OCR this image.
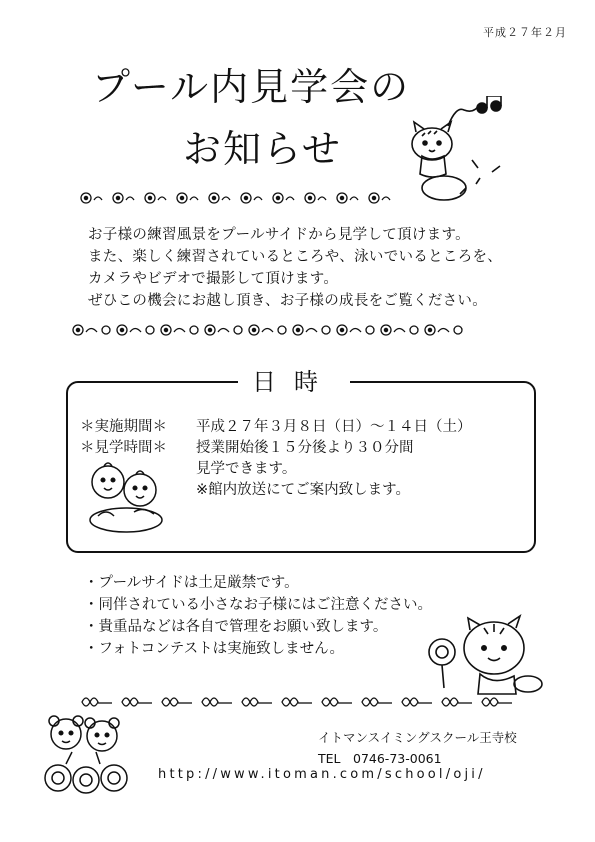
平成２７年２月
プール内見学会の
お知らせ

お子様の練習風景をプールサイドから見学して頂けます。

また、楽しく練習されているところや、泳いでいるところを、

カメラやビデオで撮影して頂けます。

ぜひこの機会にお越し頂き、お子様の成長をご覧ください。

日時
＊実施期間＊ 平成２７年３月８日（日）～１４日（土）
＊見学時間＊ 授業開始後１５分後より３０分間
見学できます。
※館内放送にてご案内致します。
・プールサイドは土足厳禁です。
・同伴されている小さなお子様にはご注意ください。
・貴重品などは各自で管理をお願い致します。
・フォトコンテストは実施致しません。
イトマンスイミングスクール王寺校
TEL　0746-73-0061
http://www.itoman.com/school/oji/
